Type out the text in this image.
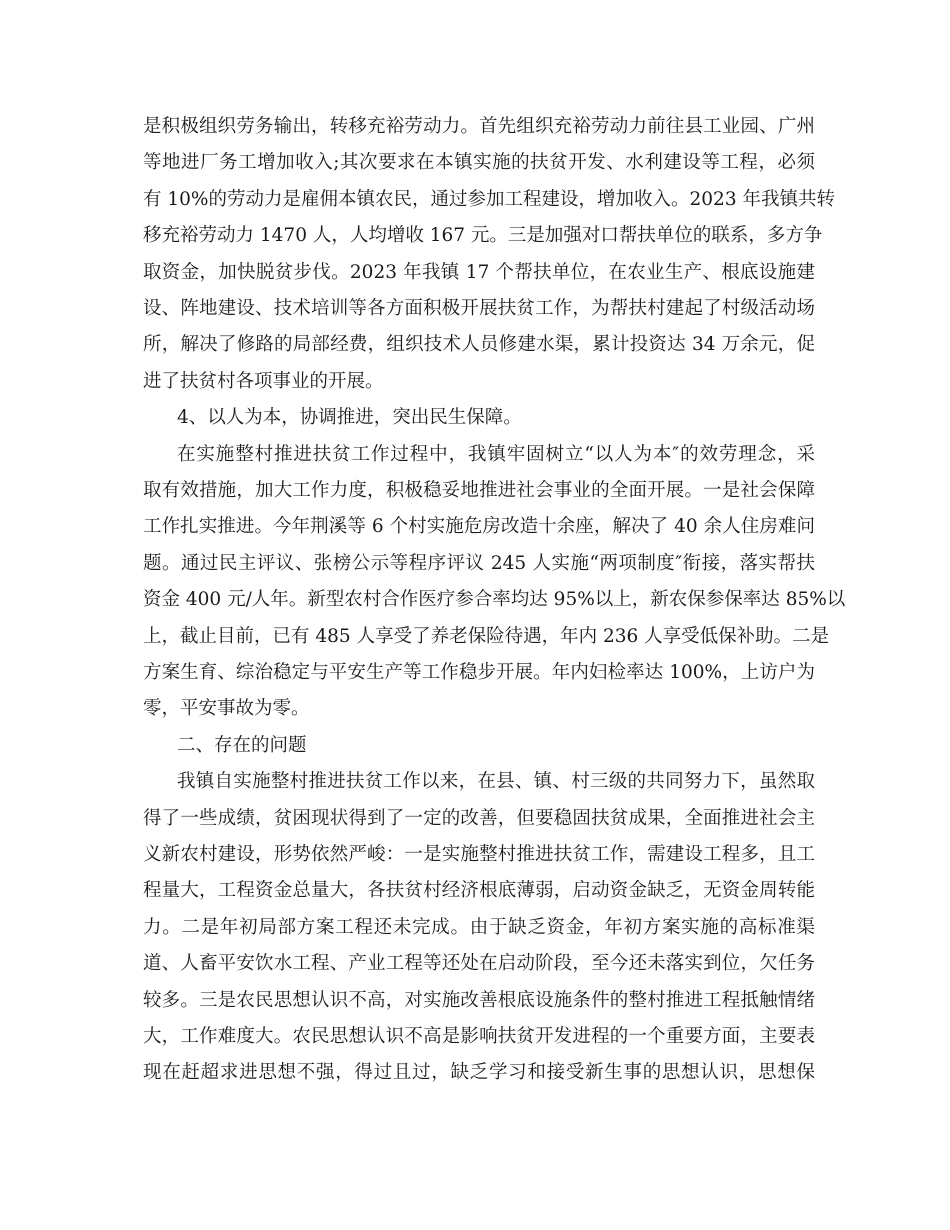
是积极组织劳务输出，转移充裕劳动力。首先组织充裕劳动力前往县工业园、广州

等地进厂务工增加收入;其次要求在本镇实施的扶贫开发、水利建设等工程，必须

有 10%的劳动力是雇佣本镇农民，通过参加工程建设，增加收入。2023 年我镇共转

移充裕劳动力 1470 人，人均增收 167 元。三是加强对口帮扶单位的联系，多方争

取资金，加快脱贫步伐。2023 年我镇 17 个帮扶单位，在农业生产、根底设施建

设、阵地建设、技术培训等各方面积极开展扶贫工作，为帮扶村建起了村级活动场

所，解决了修路的局部经费，组织技术人员修建水渠，累计投资达 34 万余元，促

进了扶贫村各项事业的开展。

4、以人为本，协调推进，突出民生保障。

在实施整村推进扶贫工作过程中，我镇牢固树立“以人为本″的效劳理念，采

取有效措施，加大工作力度，积极稳妥地推进社会事业的全面开展。一是社会保障

工作扎实推进。今年荆溪等 6 个村实施危房改造十余座，解决了 40 余人住房难问

题。通过民主评议、张榜公示等程序评议 245 人实施“两项制度″衔接，落实帮扶

资金 400 元/人年。新型农村合作医疗参合率均达 95%以上，新农保参保率达 85%以

上，截止目前，已有 485 人享受了养老保险待遇，年内 236 人享受低保补助。二是

方案生育、综治稳定与平安生产等工作稳步开展。年内妇检率达 100%，上访户为

零，平安事故为零。

二、存在的问题

我镇自实施整村推进扶贫工作以来，在县、镇、村三级的共同努力下，虽然取

得了一些成绩，贫困现状得到了一定的改善，但要稳固扶贫成果，全面推进社会主

义新农村建设，形势依然严峻：一是实施整村推进扶贫工作，需建设工程多，且工

程量大，工程资金总量大，各扶贫村经济根底薄弱，启动资金缺乏，无资金周转能

力。二是年初局部方案工程还未完成。由于缺乏资金，年初方案实施的高标准渠

道、人畜平安饮水工程、产业工程等还处在启动阶段，至今还未落实到位，欠任务

较多。三是农民思想认识不高，对实施改善根底设施条件的整村推进工程抵触情绪

大，工作难度大。农民思想认识不高是影响扶贫开发进程的一个重要方面，主要表

现在赶超求进思想不强，得过且过，缺乏学习和接受新生事的思想认识，思想保
